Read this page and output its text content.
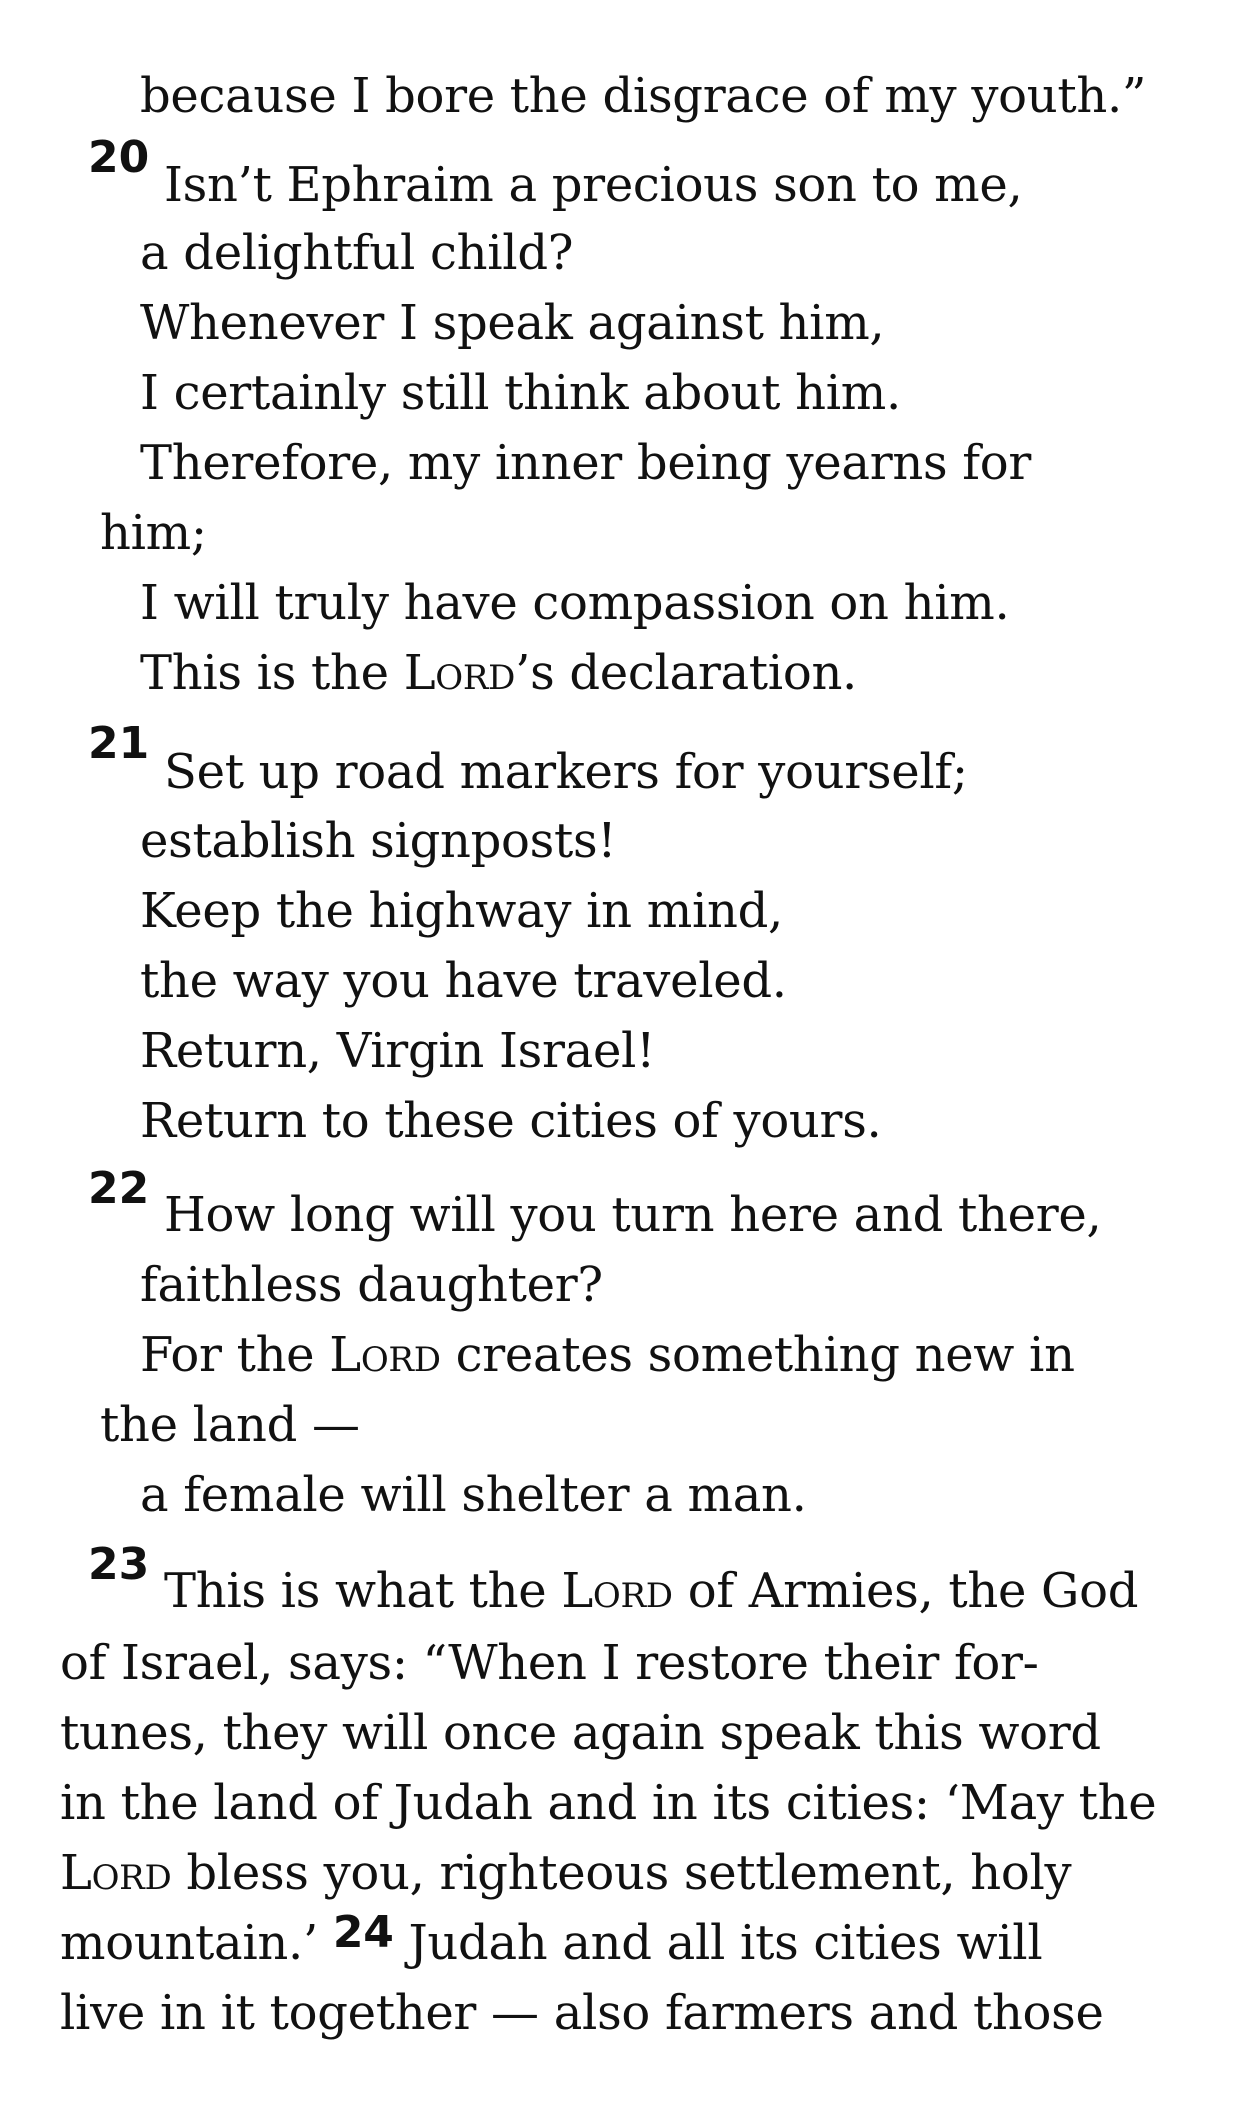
20
21
22
23
because I bore the disgrace of my youth.”
Isn’t Ephraim a precious son to me,
a delightful child?
Whenever I speak against him,
I certainly still think about him.
Therefore, my inner being yearns for
him;
I will truly have compassion on him.
This is the Lord’s declaration.
Set up road markers for yourself;
establish signposts!
Keep the highway in mind,
the way you have traveled.
Return, Virgin Israel!
Return to these cities of yours.
How long will you turn here and there,
faithless daughter?
For the Lord creates something new in
the land —
a female will shelter a man.
This is what the Lord of Armies, the God
of Israel, says: “When I restore their for-
tunes, they will once again speak this word
in the land of Judah and in its cities: ‘May the
Lord bless you, righteous settlement, holy
mountain.’ 24 Judah and all its cities will
live in it together — also farmers and those
